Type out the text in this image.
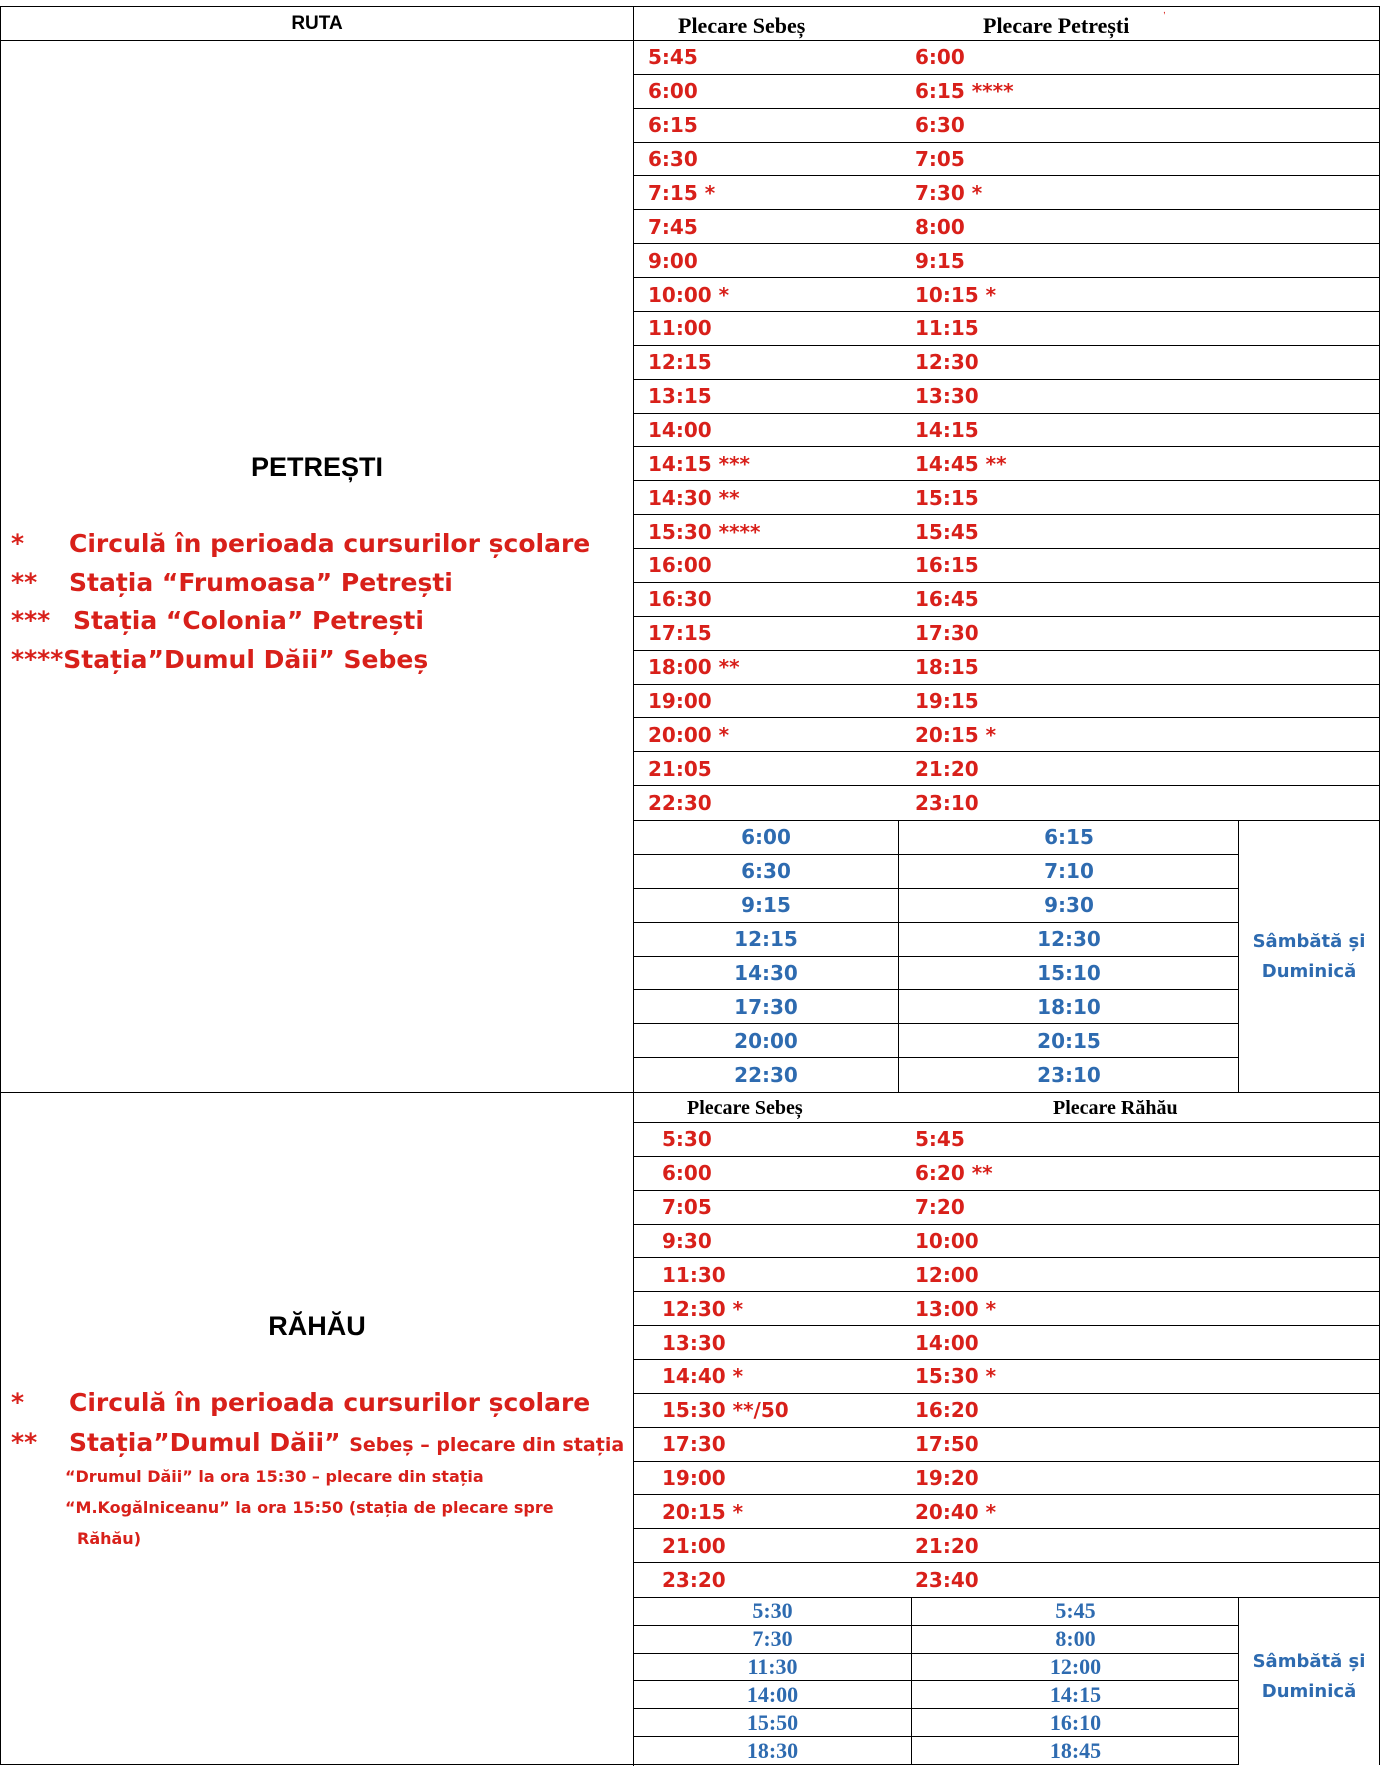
,
RUTA	Plecare Sebeș	Plecare Petrești
PETREȘTI
* Circulă în perioada cursurilor școlare
** Stația “Frumoasa” Petrești
*** Stația “Colonia” Petrești
****Stația”Dumul Dăii” Sebeș
5:45	6:00
6:00	6:15 ****
6:15	6:30
6:30	7:05
7:15 *	7:30 *
7:45	8:00
9:00	9:15
10:00 *	10:15 *
11:00	11:15
12:15	12:30
13:15	13:30
14:00	14:15
14:15 ***	14:45 **
14:30 **	15:15
15:30 ****	15:45
16:00	16:15
16:30	16:45
17:15	17:30
18:00 **	18:15
19:00	19:15
20:00 *	20:15 *
21:05	21:20
22:30	23:10
6:00	6:15
6:30	7:10
9:15	9:30
12:15	12:30
14:30	15:10
17:30	18:10
20:00	20:15
22:30	23:10
Sâmbătă și
Duminică
Plecare Sebeș	Plecare Răhău
RĂHĂU
* Circulă în perioada cursurilor școlare
** Stația”Dumul Dăii” Sebeș – plecare din stația
“Drumul Dăii” la ora 15:30 – plecare din stația
“M.Kogălniceanu” la ora 15:50 (stația de plecare spre
Răhău)
5:30	5:45
6:00	6:20 **
7:05	7:20
9:30	10:00
11:30	12:00
12:30 *	13:00 *
13:30	14:00
14:40 *	15:30 *
15:30 **/50	16:20
17:30	17:50
19:00	19:20
20:15 *	20:40 *
21:00	21:20
23:20	23:40
5:30	5:45
7:30	8:00
11:30	12:00
14:00	14:15
15:50	16:10
18:30	18:45
Sâmbătă și
Duminică
